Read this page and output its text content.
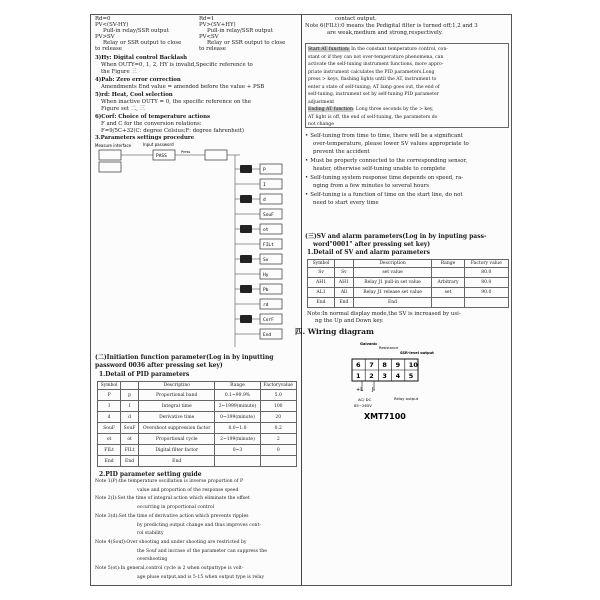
Rd=0
PV<(SV-HY)
Pull-in relay/SSR output
PV>SV
Relay or SSR output to close
to release
Rd=1
PV>(SV+HY)
Pull-in relay/SSR output
PV<SV
Relay or SSR output to close
to release
3)Hy: Digital control Backlash
When OUTY=0, 1, 2, HY is invalid,Specific reference to
the Figure 三
4)Pab: Zero error correction
Amendments End value = amended before the value + PSB
5)rd: Heat, Cool selection
When inactive OUTY = 0, the specific reference on the
Figure set 二, 三
6)Corf: Choice of temperature actions
F and C for the conversion relations:
F=9/5C+32(C: degree Celsius;F: degree fahrenheit)
3.Parameters settings procedure
Measure interface	Input password
PASS
Press
P
I
d
SouF
ot
FILt
Sv
Hy
Pb
rd
CorF
End
(二)Initiation function parameter(Log in by inputting
password 0036 after pressing set key)
1.Detail of PID parameters
Symbol		Descriptino	Range	Factoryvalue
P	p	Proportional band	0.1~99.9%	5.0
I	I	Integral time	2~1999(minute)	100
d	d	Derivative time	0~399(minute)	20
SouF	SouF	Overshoot suppression factor	0.0~1.0	0.2
ot	ot	Proportional cycle	2~199(minute)	2
FILt	FILt	Digital filter factor	0~3	0
End	End	End		
2.PID parameter setting guide
Note 1(P):the temperature oscillation is inverse proportion of P
value and proportion of the response speed
Note 2(I):Set the time of integral action which eliminate the offset
occurring in proportional control
Note 3(d):Set the time of derivative action which prevents ripples
by predicting output change and thus improves cont-
rol stability
Note 4(Souf):Over shooting and under shooting are restricted by
the Souf and incrase of the parameter can suppress the
overshooting
Note 5(ot):In general,control cycle is 2 when outputtype is volt-
age pluse output,and is 5-15 when output type is relay
contact output.
Note 6(FILt):0 means the Pedigital filter is turned off;1,2 and 3
are weak,medium and strong,respectively.
Start AT function: In the constant temperature control, con-
stant or if they can not over-temperature phenomena, can
activate the self-tuning instrument functions, more appro-
priate instrument calculates the PID parameters.Long
press > keys, flashing lights until the AT, instrument to
enter a state of self-tuning; AT lamp goes out, the end of
self-tuning, instrument set by self-tuning PID parameter
adjustment
Ending AT function: Long three seconds by the > key,
AT light is off, the end of self-tuning, the parameters do
not change
• Self-tuning from time to time, there will be a significant
over-temperature, please lower SV values appropriate to
prevent the accident
• Must be properly connected to the corresponding sensor,
heater, otherwise self-tuning unable to complete
• Self-tuning system response time depends on speed, ra-
nging from a few minutes to several hours
• Self-tuning is a function of time on the start line, do not
need to start every time
(三)SV and alarm parameters(Log in by inputing pass-
word"0001" after pressing set key)
1.Detail of SV and alarm parameters
Symbol		Description	Range	Factory value
Sv	Sv	set value		80.0
AH1	AH1	Relay J1 pull-in set value	Arbitrary	80.0
AL1	All	Relay J1 release set value	set	90.0
End	End	End		
Note:In normal display mode,the SV is increased by usi-
ng the Up and Down key.
四. Wiring diagram
Galvanic
Resistance
SSR-level output
6 7 8 9 10
1 2 3 4 5
+L J-
AC/ DC
85~265V
Relay output
XMT7100
